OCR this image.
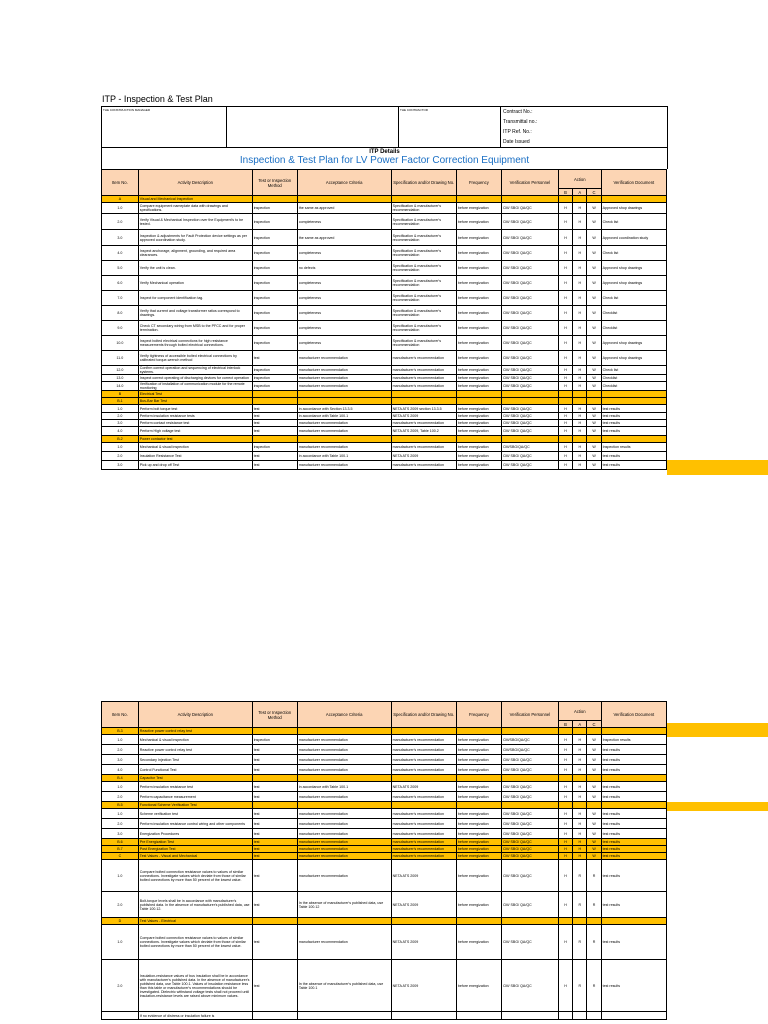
ITP - Inspection & Test Plan
THE CONSTRUCTION MANAGER		THE CONTRACTOR	Contract No.:
Transmittal no.:
ITP Ref. No.:
Date Issued
ITP Details
Inspection & Test Plan for LV Power Factor Correction Equipment
Item No.	Activity Description	Test or Inspection Method	Acceptance Criteria	Specification and/or Drawing No.	Frequency	Verification Personnel	Action			Verification Document
							B	A	C	
A	Visual and Mechanical Inspection									
1.0	Compare equipment nameplate data with drawings and specifications.	inspection	the same as approved	Specification & manufacturer's recommendation	before energization	CM/ SBG/ QA/QC	H	H	W	Approved shop drawings
2.0	Verify Visual & Mechanical Inspection over the Equipment's to be tested.	inspection	completeness	Specification & manufacturer's recommendation	before energization	CM/ SBG/ QA/QC	H	H	W	Check list
3.0	Inspection & adjustments for Fault Protection device settings as per approved coordination study.	inspection	the same as approved	Specification & manufacturer's recommendation	before energization	CM/ SBG/ QA/QC	H	H	W	Approved coordination study
4.0	Inspect anchorage, alignment, grounding, and required area clearances.	inspection	completeness	Specification & manufacturer's recommendation	before energization	CM/ SBG/ QA/QC	H	H	W	Check list
5.0	Verify the unit is clean.	inspection	no defects	Specification & manufacturer's recommendation	before energization	CM/ SBG/ QA/QC	H	H	W	Approved shop drawings
6.0	Verify Mechanical operation	inspection	completeness	Specification & manufacturer's recommendation	before energization	CM/ SBG/ QA/QC	H	H	W	Approved shop drawings
7.0	Inspect for component identification tag.	inspection	completeness	Specification & manufacturer's recommendation	before energization	CM/ SBG/ QA/QC	H	H	W	Check list
8.0	Verify that current and voltage transformer ratios correspond to drawings.	inspection	completeness	Specification & manufacturer's recommendation	before energization	CM/ SBG/ QA/QC	H	H	W	Checklist
9.0	Check CT secondary wiring from MSB to the PFCC and for proper termination.	inspection	completeness	Specification & manufacturer's recommendation	before energization	CM/ SBG/ QA/QC	H	H	W	Checklist
10.0	Inspect bolted electrical connections for high resistance measurements through bolted electrical connections.	inspection	completeness	Specification & manufacturer's recommendation	before energization	CM/ SBG/ QA/QC	H	H	W	Approved shop drawings
11.0	Verify tightness of accessible bolted electrical connections by calibrated torque-wrench method	test	manufacturer recommendation	manufacturer's recommendation	before energization	CM/ SBG/ QA/QC	H	H	W	Approved shop drawings
12.0	Confirm correct operation and sequencing of electrical interlock systems.	inspection	manufacturer recommendation	manufacturer's recommendation	before energization	CM/ SBG/ QA/QC	H	H	W	Check list
13.0	Inspect correct operating of discharging devices for correct operation	inspection	manufacturer recommendation	manufacturer's recommendation	before energization	CM/ SBG/ QA/QC	H	H	W	Checklist
14.0	Verification of installation of communication module for the remote monitoring	inspection	manufacturer recommendation	manufacturer's recommendation	before energization	CM/ SBG/ QA/QC	H	H	W	Checklist
B	Electrical Test									
B.1	Bus-Bar Bar Test									
1.0	Perform bolt torque test	test	in accordance with Section 13.3.5	NETA ATS 2009 section 13.3.5	before energization	CM/ SBG/ QA/QC	H	H	W	test results
2.0	Perform insulation resistance tests	test	in accordance with Table 100.1	NETA ATS 2009	before energization	CM/ SBG/ QA/QC	H	H	W	test results
3.0	Perform contact resistance test	test	manufacturer recommendation	manufacturer's recommendation	before energization	CM/ SBG/ QA/QC	H	H	W	test results
4.0	Perform High voltage test	test	manufacturer recommendation	NETA ATS 2009, Table 100.2	before energization	CM/ SBG/ QA/QC	H	H	W	test results
B.2	Power contactor test									
1.0	Mechanical & visual inspection	inspection	manufacturer recommendation	manufacturer's recommendation	before energization	CM/SBG/QA/QC	H	H	W	Inspection results
2.0	Insulation Resistance Test	test	in accordance with Table 100.1	NETA ATS 2009	before energization	CM/ SBG/ QA/QC	H	H	W	test results
3.0	Pick up and drop off Test	test	manufacturer recommendation	manufacturer's recommendation	before energization	CM/ SBG/ QA/QC	H	H	W	test results
Item No.	Activity Description	Test or Inspection Method	Acceptance Criteria	Specification and/or Drawing No.	Frequency	Verification Personnel	Action			Verification Document
							B	A	C	
B.3	Reactive power control relay test									
1.0	Mechanical & visual inspection	inspection	manufacturer recommendation	manufacturer's recommendation	before energization	CM/SBG/QA/QC	H	H	W	Inspection results
2.0	Reactive power control relay test	test	manufacturer recommendation	manufacturer's recommendation	before energization	CM/SBG/QA/QC	H	H	W	test results
3.0	Secondary Injection Test	test	manufacturer recommendation	manufacturer's recommendation	before energization	CM/ SBG/ QA/QC	H	H	W	test results
4.0	Control Functional Test	test	manufacturer recommendation	manufacturer's recommendation	before energization	CM/ SBG/ QA/QC	H	H	W	test results
B.4	Capacitor Test									
1.0	Perform insulation resistance test	test	in accordance with Table 100.1	NETA ATS 2009	before energization	CM/ SBG/ QA/QC	H	H	W	test results
2.0	Perform capacitance measurement	test	manufacturer recommendation	manufacturer's recommendation	before energization	CM/ SBG/ QA/QC	H	H	W	test results
B.5	Functional Scheme Verification Test									
1.0	Scheme verification test	test	manufacturer recommendation	manufacturer's recommendation	before energization	CM/ SBG/ QA/QC	H	H	W	test results
2.0	Perform insulation resistance control wiring and other components	test	manufacturer recommendation	manufacturer's recommendation	before energization	CM/ SBG/ QA/QC	H	H	W	test results
3.0	Energization Procedures	test	manufacturer recommendation	manufacturer's recommendation	before energization	CM/ SBG/ QA/QC	H	H	W	test results
B.6	Pre Energization Test	test	manufacturer recommendation	manufacturer's recommendation	before energization	CM/ SBG/ QA/QC	H	H	W	test results
B.7	Post Energization Test	test	manufacturer recommendation	manufacturer's recommendation	before energization	CM/ SBG/ QA/QC	H	H	W	test results
C	Test Values - Visual and Mechanical	test	manufacturer recommendation	manufacturer's recommendation	before energization	CM/ SBG/ QA/QC	H	H	W	test results
1.0	Compare bolted connection resistance values to values of similar connections. Investigate values which deviate from those of similar bolted connections by more than 50 percent of the lowest value.	test	manufacturer recommendation	NETA ATS 2009	before energization	CM/ SBG/ QA/QC	H	R	R	test results
2.0	Bolt-torque levels shall be in accordance with manufacturer's published data. In the absence of manufacturer's published data, use Table 100.12.	test	In the absence of manufacturer's published data, use Table 100.12	NETA ATS 2009	before energization	CM/ SBG/ QA/QC	H	R	R	test results
D	Test Values - Electrical									
1.0	Compare bolted connection resistance values to values of similar connections. Investigate values which deviate from those of similar bolted connections by more than 50 percent of the lowest value.	test	manufacturer recommendation	NETA ATS 2009	before energization	CM/ SBG/ QA/QC	H	R	R	test results
2.0	Insulation-resistance values of bus insulation shall be in accordance with manufacturer's published data. In the absence of manufacturer's published data, use Table 100.1. Values of insulation resistance less than this table or manufacturer's recommendations should be investigated. Dielectric withstand voltage tests shall not proceed until insulation-resistance levels are raised above minimum values.	test	In the absence of manufacturer's published data, use Table 100.1	NETA ATS 2009	before energization	CM/ SBG/ QA/QC	H	R	R	test results
	If no evidence of distress or insulation failure is									
